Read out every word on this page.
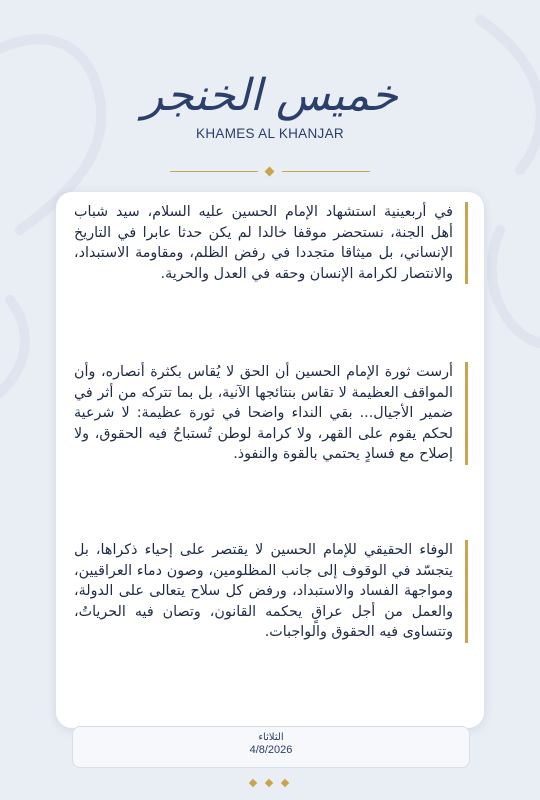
خميس الخنجر
KHAMES AL KHANJAR
في أربعينية استشهاد الإمام الحسين عليه السلام، سيد شباب أهل الجنة، نستحضر موقفا خالدا لم يكن حدثا عابرا في التاريخ الإنساني، بل ميثاقا متجددا في رفض الظلم، ومقاومة الاستبداد، والانتصار لكرامة الإنسان وحقه في العدل والحرية.
أرست ثورة الإمام الحسين أن الحق لا يُقاس بكثرة أنصاره، وأن المواقف العظيمة لا تقاس بنتائجها الآنية، بل بما تتركه من أثر في ضمير الأجيال... بقي النداء واضحا في ثورة عظيمة: لا شرعية لحكم يقوم على القهر، ولا كرامة لوطن تُستباحُ فيه الحقوق، ولا إصلاح مع فسادٍ يحتمي بالقوة والنفوذ.
الوفاء الحقيقي للإمام الحسين لا يقتصر على إحياء ذكراها، بل يتجسّد في الوقوف إلى جانب المظلومين، وصون دماء العراقيين، ومواجهة الفساد والاستبداد، ورفض كل سلاح يتعالى على الدولة، والعمل من أجل عراقٍ يحكمه القانون، وتصان فيه الحرياتُ، وتتساوى فيه الحقوق والواجبات.
الثلاثاء
4/8/2026
